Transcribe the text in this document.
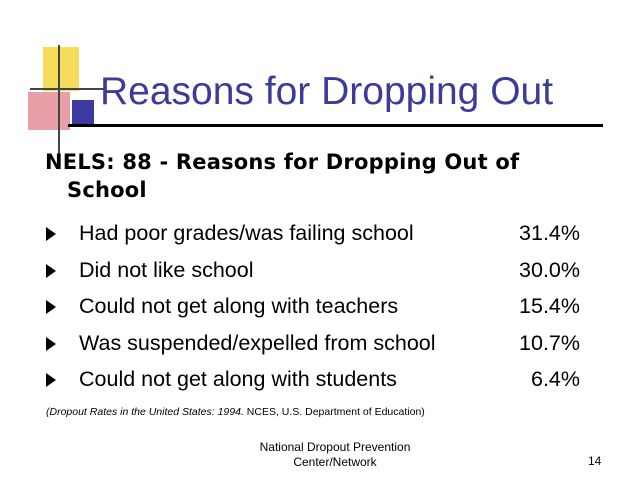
Reasons for Dropping Out
NELS: 88 - Reasons for Dropping Out of
School
Had poor grades/was failing school	31.4%
Did not like school	30.0%
Could not get along with teachers	15.4%
Was suspended/expelled from school	10.7%
Could not get along with students	6.4%
(Dropout Rates in the United States: 1994. NCES, U.S. Department of Education)
National Dropout Prevention
Center/Network	14
